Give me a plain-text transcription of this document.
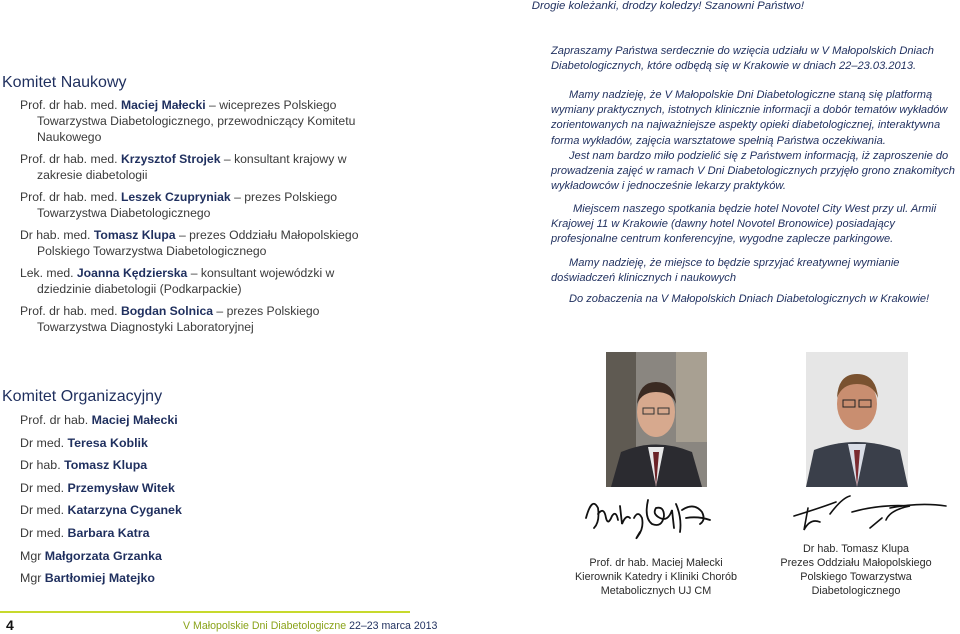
Drogie koleżanki, drodzy koledzy! Szanowni Państwo!
Komitet Naukowy
Prof. dr hab. med. Maciej Małecki – wiceprezes Polskiego Towarzystwa Diabetologicznego, przewodniczący Komitetu Naukowego
Prof. dr hab. med. Krzysztof Strojek – konsultant krajowy w zakresie diabetologii
Prof. dr hab. med. Leszek Czupryniak – prezes Polskiego Towarzystwa Diabetologicznego
Dr hab. med. Tomasz Klupa – prezes Oddziału Małopolskiego Polskiego Towarzystwa Diabetologicznego
Lek. med. Joanna Kędzierska – konsultant wojewódzki w dziedzinie diabetologii (Podkarpackie)
Prof. dr hab. med. Bogdan Solnica – prezes Polskiego Towarzystwa Diagnostyki Laboratoryjnej
Komitet Organizacyjny
Prof. dr hab. Maciej Małecki
Dr med. Teresa Koblik
Dr hab. Tomasz Klupa
Dr med. Przemysław Witek
Dr med. Katarzyna Cyganek
Dr med. Barbara Katra
Mgr Małgorzata Grzanka
Mgr Bartłomiej Matejko

Zapraszamy Państwa serdecznie do wzięcia udziału w V Małopolskich Dniach Diabetologicznych, które odbędą się w Krakowie w dniach 22–23.03.2013.

Mamy nadzieję, że V Małopolskie Dni Diabetologiczne staną się platformą wymiany praktycznych, istotnych klinicznie informacji a dobór tematów wykładów zorientowanych na najważniejsze aspekty opieki diabetologicznej, interaktywna forma wykładów, zajęcia warsztatowe spełnią Państwa oczekiwania.

Jest nam bardzo miło podzielić się z Państwem informacją, iż zaproszenie do prowadzenia zajęć w ramach V Dni Diabetologicznych przyjęło grono znakomitych wykładowców i jednocześnie lekarzy praktyków.

Miejscem naszego spotkania będzie hotel Novotel City West przy ul. Armii Krajowej 11 w Krakowie (dawny hotel Novotel Bronowice) posiadający profesjonalne centrum konferencyjne, wygodne zaplecze parkingowe.

Mamy nadzieję, że miejsce to będzie sprzyjać kreatywnej wymianie doświadczeń klinicznych i naukowych

Do zobaczenia na V Małopolskich Dniach Diabetologicznych w Krakowie!

Prof. dr hab. Maciej Małecki
Kierownik Katedry i Kliniki Chorób
Metabolicznych UJ CM
Dr hab. Tomasz Klupa
Prezes Oddziału Małopolskiego
Polskiego Towarzystwa
Diabetologicznego
4	V Małopolskie Dni Diabetologiczne 22–23 marca 2013
